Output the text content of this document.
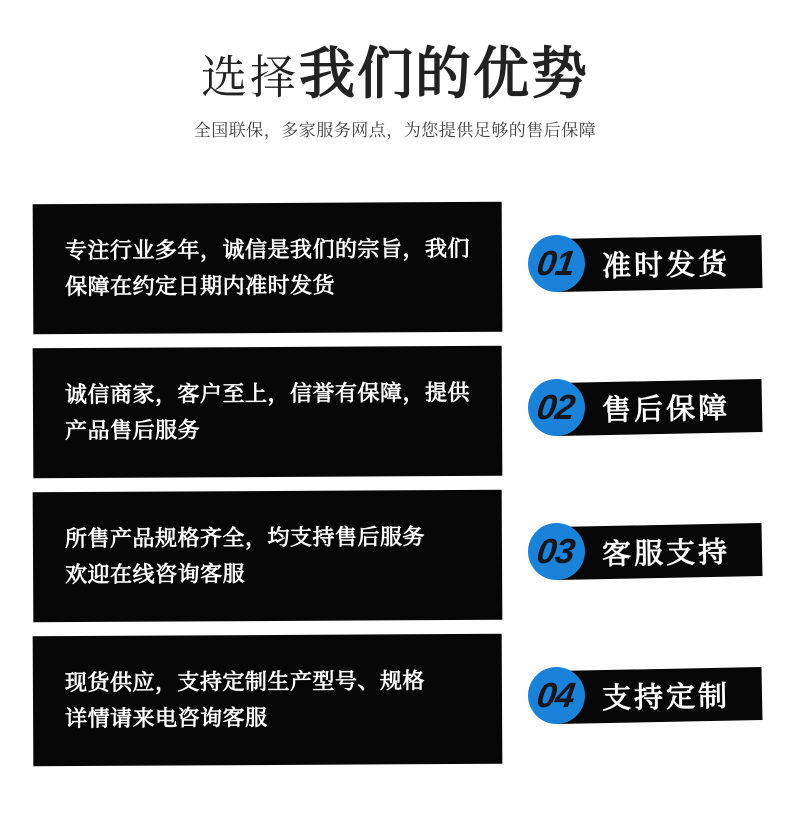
选择我们的优势
全国联保，多家服务网点，为您提供足够的售后保障
专注行业多年，诚信是我们的宗旨，我们
保障在约定日期内准时发货
准时发货
01
诚信商家，客户至上，信誉有保障，提供
产品售后服务
售后保障
02
所售产品规格齐全，均支持售后服务
欢迎在线咨询客服
客服支持
03
现货供应，支持定制生产型号、规格
详情请来电咨询客服
支持定制
04
